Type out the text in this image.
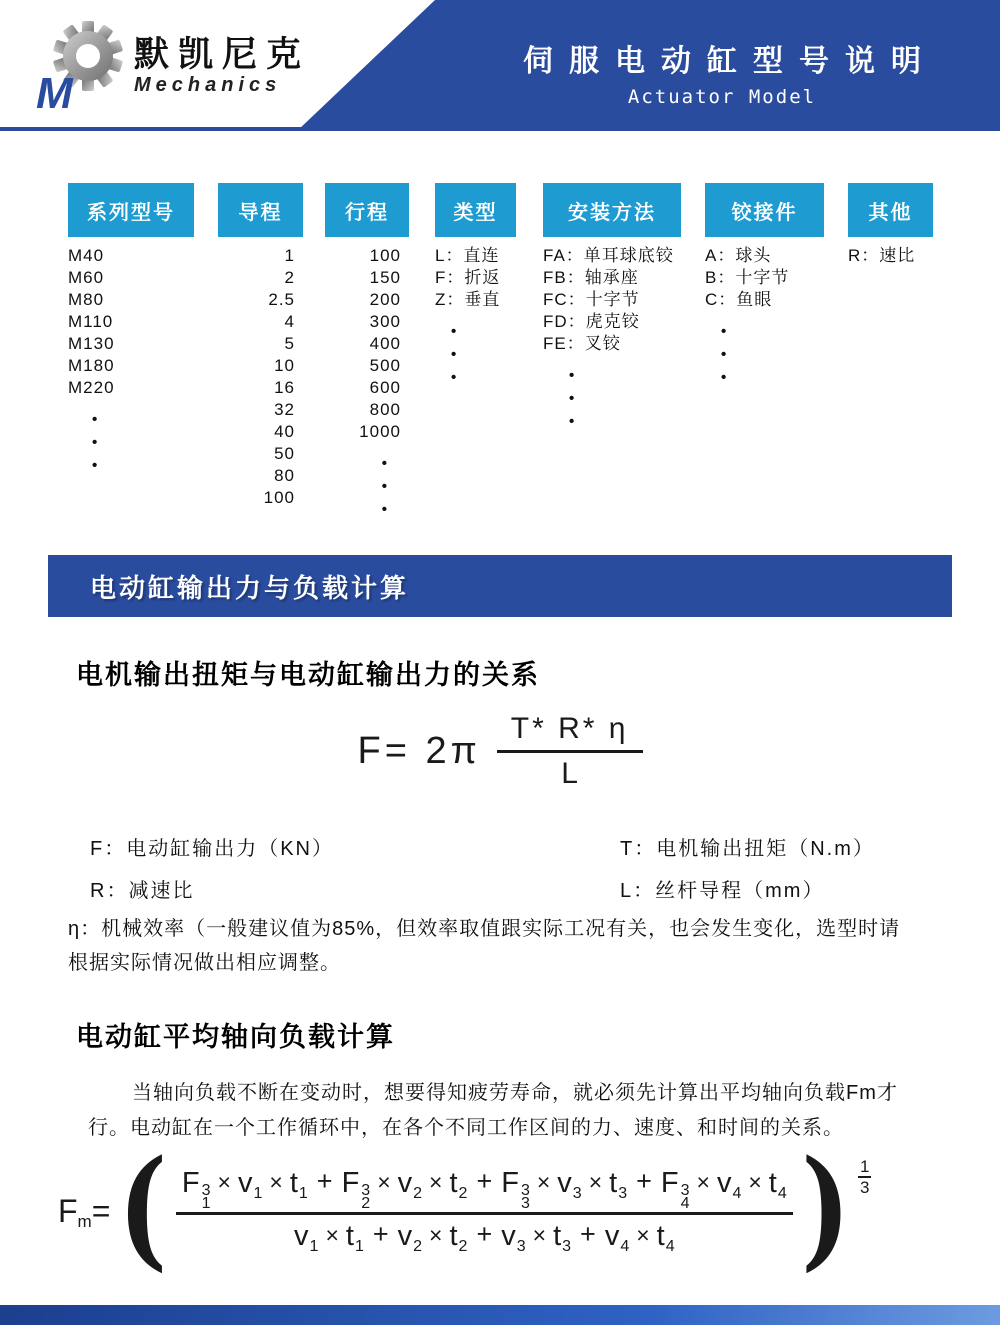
M
默凯尼克
Mechanics
伺服电动缸型号说明
Actuator Model
系列型号
M40
M60
M80
M110
M130
M180
M220
•
•
•
导程
1
2
2.5
4
5
10
16
32
40
50
80
100
行程
100
150
200
300
400
500
600
800
1000
•
•
•
类型
L：直连
F：折返
Z：垂直
•
•
•
安装方法
FA：单耳球底铰
FB：轴承座
FC：十字节
FD：虎克铰
FE：叉铰
•
•
•
铰接件
A：球头
B：十字节
C：鱼眼
•
•
•
其他
R：速比
电动缸输出力与负载计算
电机输出扭矩与电动缸输出力的关系
$F= 2\pi \frac{T* R* \eta}{L}$
F：电动缸输出力（KN）	T：电机输出扭矩（N.m）
R：减速比	L：丝杆导程（mm）
η：机械效率（一般建议值为85%，但效率取值跟实际工况有关，也会发生变化，选型时请
根据实际情况做出相应调整。
电动缸平均轴向负载计算
当轴向负载不断在变动时，想要得知疲劳寿命，就必须先计算出平均轴向负载Fm才
行。电动缸在一个工作循环中，在各个不同工作区间的力、速度、和时间的关系。
Fm= ( F 3
1
× v 1 × t 1 + F 3
2
× v 2 × t 2 + F 3
3
× v 3 × t 3 + F 3
4
× v 4 × t 4
v 1 × t 1 + v 2 × t 2 + v 3 × t 3 + v 4 × t 4 ) 1
3
